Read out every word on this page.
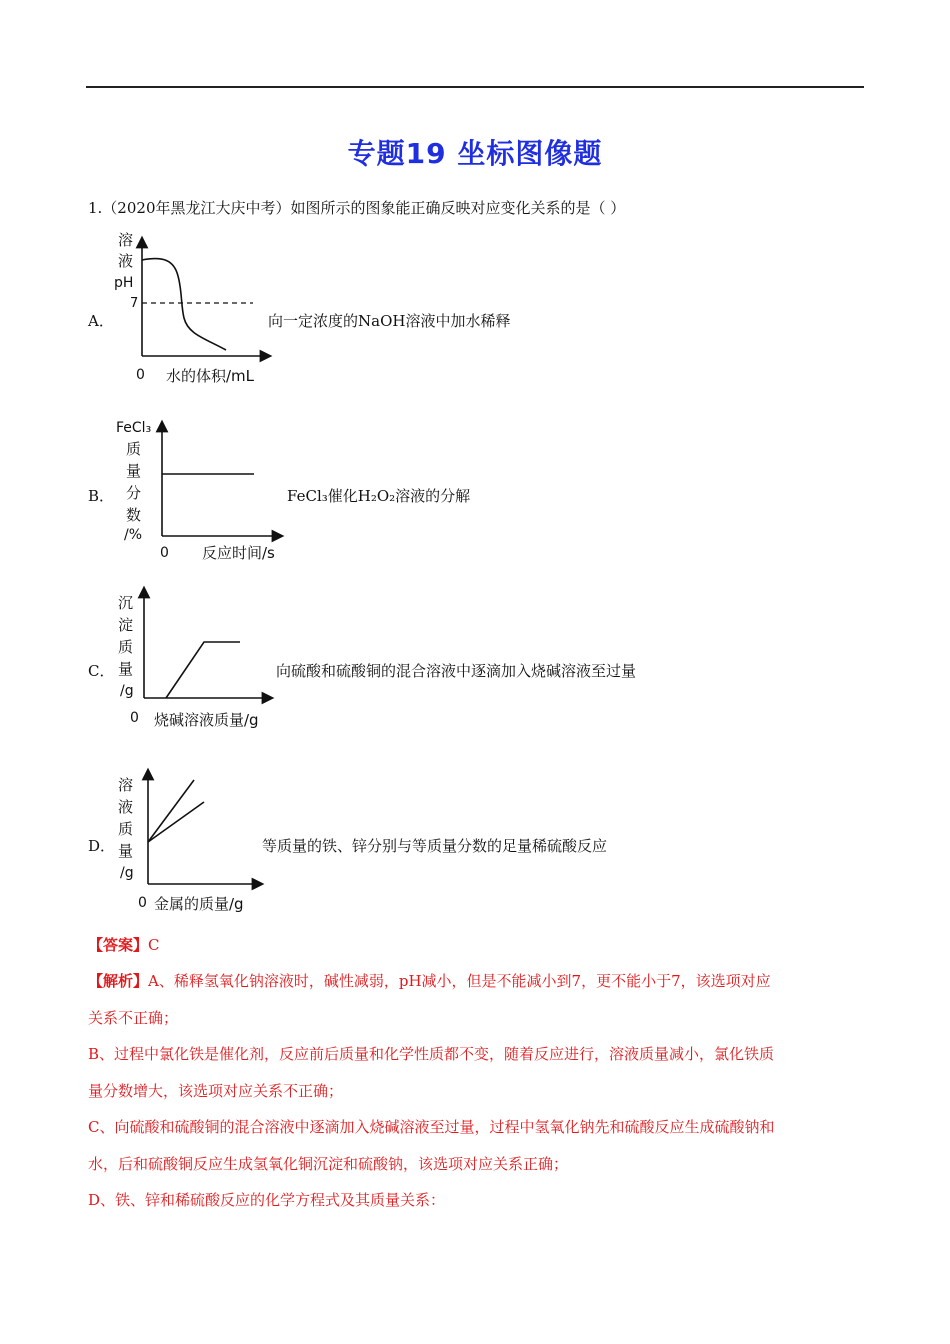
专题19 坐标图像题
1.（2020年黑龙江大庆中考）如图所示的图象能正确反映对应变化关系的是（ ）
A．
溶
液
pH
7
0 水的体积/mL
向一定浓度的NaOH溶液中加水稀释
B．
FeCl₃
质
量
分
数
/%
0 反应时间/s
FeCl₃催化H₂O₂溶液的分解
C．
沉
淀
质
量
/g
0 烧碱溶液质量/g
向硫酸和硫酸铜的混合溶液中逐滴加入烧碱溶液至过量
D．
溶
液
质
量
/g
0 金属的质量/g
等质量的铁、锌分别与等质量分数的足量稀硫酸反应
【答案】C
【解析】A、稀释氢氧化钠溶液时，碱性减弱，pH减小，但是不能减小到7，更不能小于7，该选项对应
关系不正确；
B、过程中氯化铁是催化剂，反应前后质量和化学性质都不变，随着反应进行，溶液质量减小，氯化铁质
量分数增大，该选项对应关系不正确；
C、向硫酸和硫酸铜的混合溶液中逐滴加入烧碱溶液至过量，过程中氢氧化钠先和硫酸反应生成硫酸钠和
水，后和硫酸铜反应生成氢氧化铜沉淀和硫酸钠，该选项对应关系正确；
D、铁、锌和稀硫酸反应的化学方程式及其质量关系：
